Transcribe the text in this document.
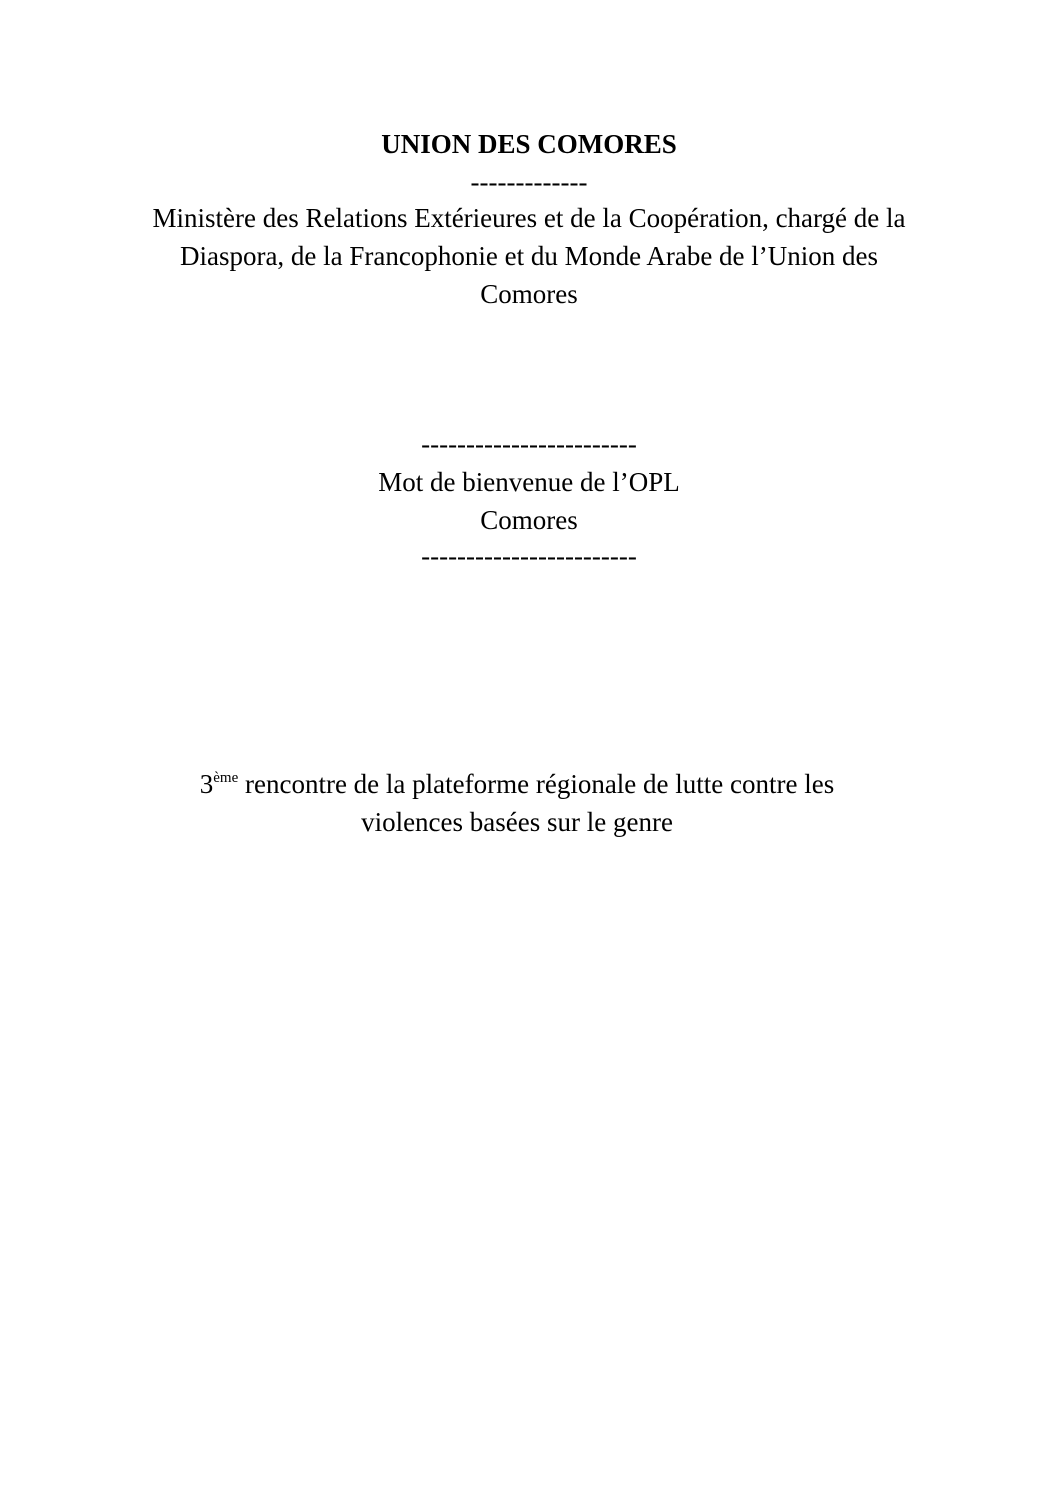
UNION DES COMORES
-------------
Ministère des Relations Extérieures et de la Coopération, chargé de la
Diaspora, de la Francophonie et du Monde Arabe de l’Union des
Comores
------------------------
Mot de bienvenue de l’OPL
Comores
------------------------
3ème rencontre de la plateforme régionale de lutte contre les
violences basées sur le genre
